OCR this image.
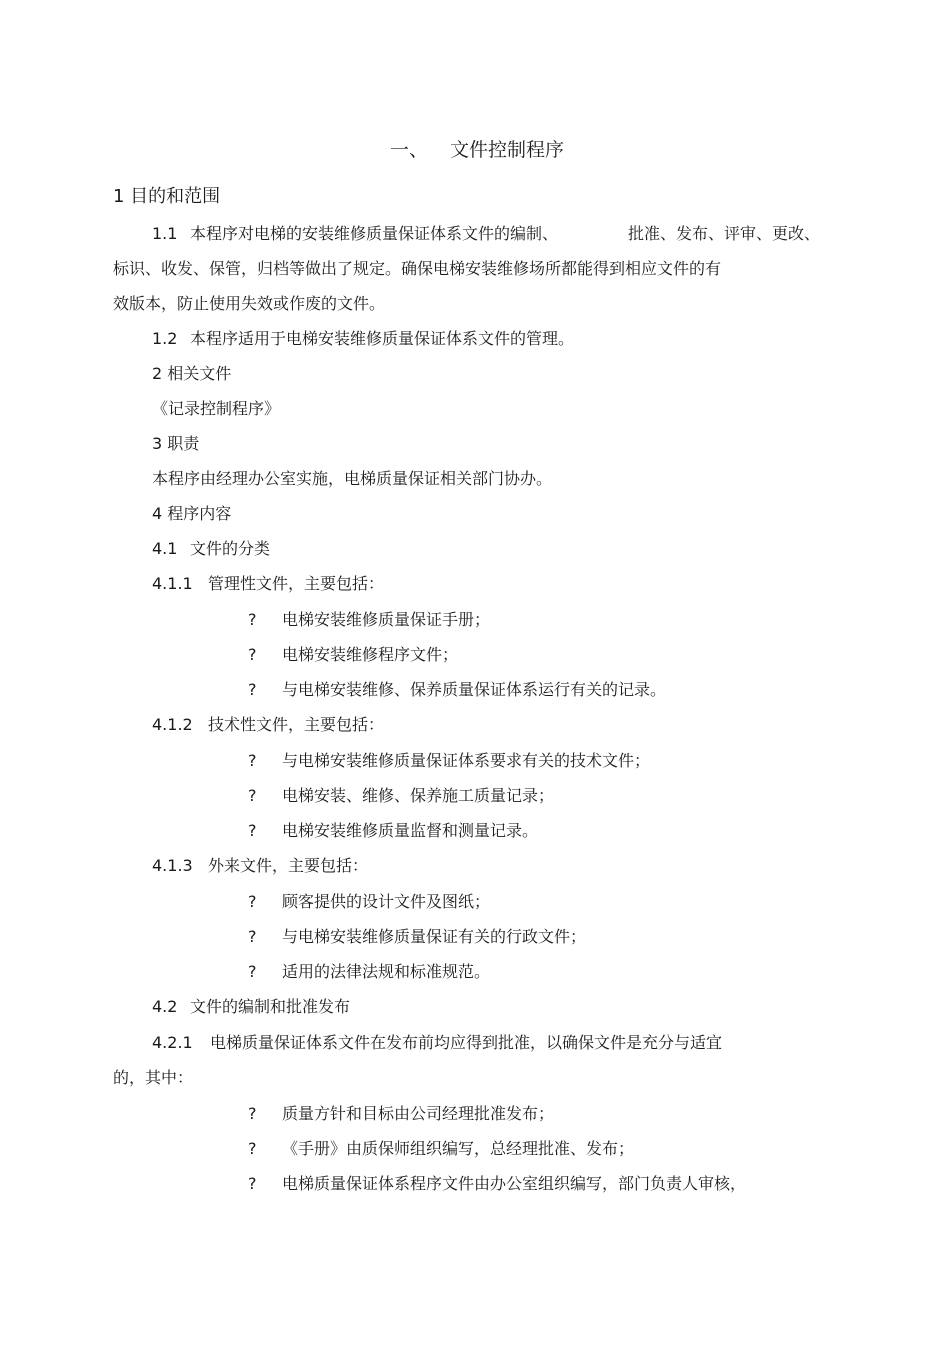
一、 文件控制程序
1 目的和范围
1.1 本程序对电梯的安装维修质量保证体系文件的编制、	批准、发布、评审、更改、
标识、收发、保管，归档等做出了规定。确保电梯安装维修场所都能得到相应文件的有
效版本，防止使用失效或作废的文件。
1.2 本程序适用于电梯安装维修质量保证体系文件的管理。
2 相关文件
《记录控制程序》
3 职责
本程序由经理办公室实施，电梯质量保证相关部门协办。
4 程序内容
4.1 文件的分类
4.1.1 管理性文件，主要包括：
? 电梯安装维修质量保证手册；
? 电梯安装维修程序文件；
? 与电梯安装维修、保养质量保证体系运行有关的记录。
4.1.2 技术性文件，主要包括：
? 与电梯安装维修质量保证体系要求有关的技术文件；
? 电梯安装、维修、保养施工质量记录；
? 电梯安装维修质量监督和测量记录。
4.1.3 外来文件，主要包括：
? 顾客提供的设计文件及图纸；
? 与电梯安装维修质量保证有关的行政文件；
? 适用的法律法规和标准规范。
4.2 文件的编制和批准发布
4.2.1 电梯质量保证体系文件在发布前均应得到批准，以确保文件是充分与适宜
的，其中：
? 质量方针和目标由公司经理批准发布；
? 《手册》由质保师组织编写，总经理批准、发布；
? 电梯质量保证体系程序文件由办公室组织编写，部门负责人审核，
